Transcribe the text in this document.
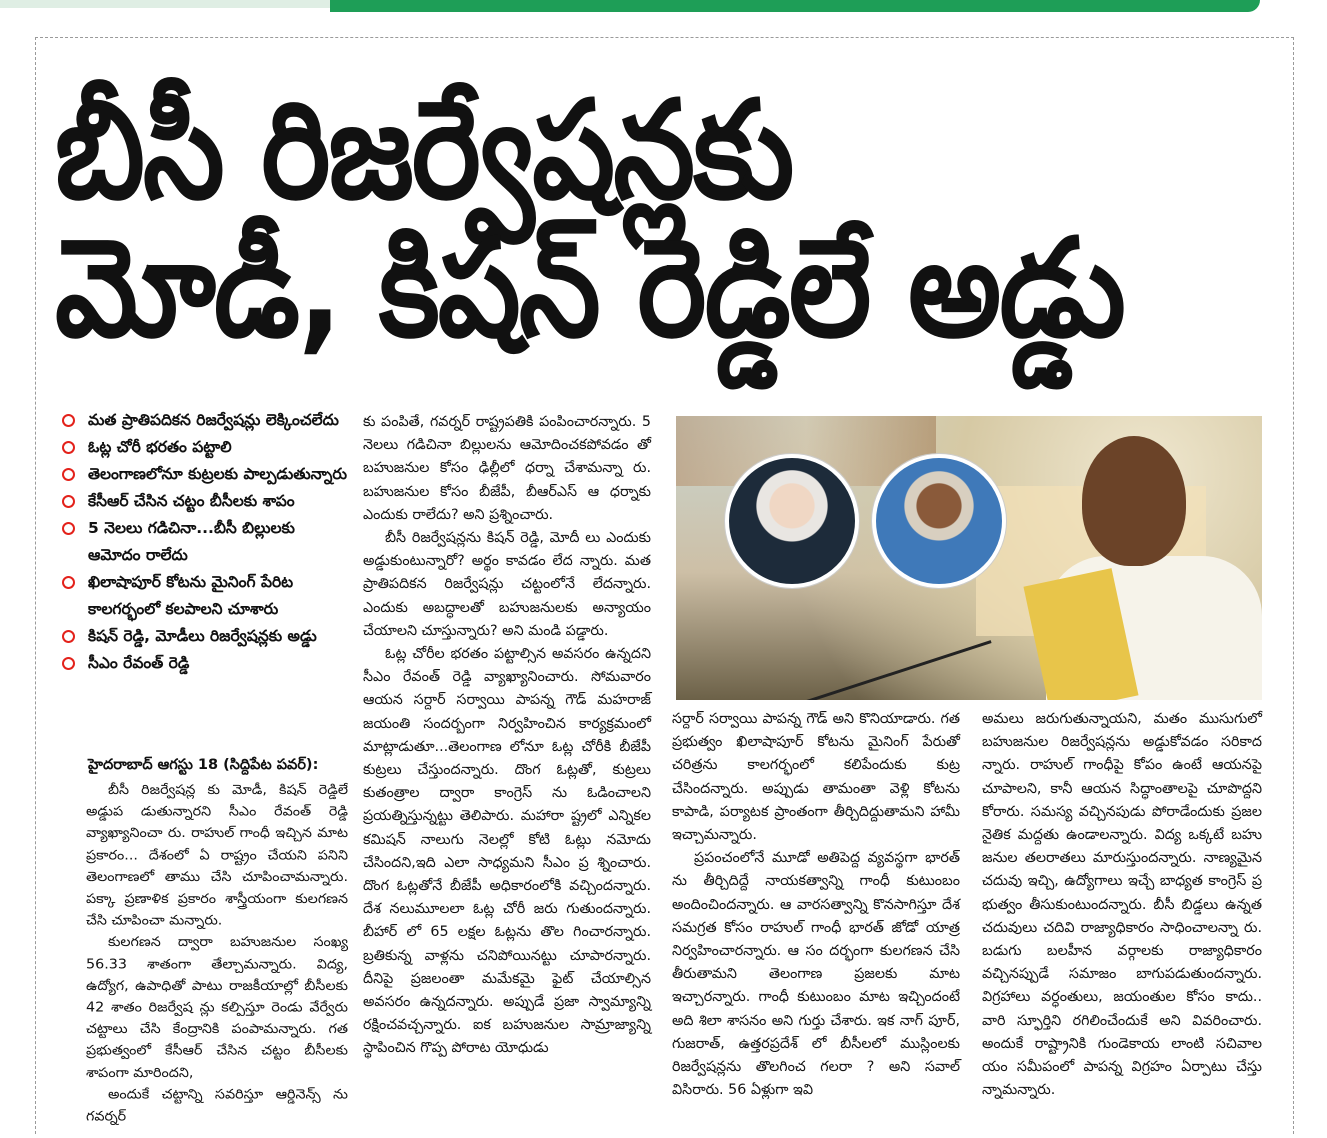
బీసీ రిజర్వేషన్లకు
మోడీ, కిషన్ రెడ్డిలే అడ్డు
మత ప్రాతిపదికన రిజర్వేషన్లు లెక్కించలేదు
ఓట్ల చోరీ భరతం పట్టాలి
తెలంగాణలోనూ కుట్రలకు పాల్పడుతున్నారు
కేసీఆర్ చేసిన చట్టం బీసీలకు శాపం
5 నెలలు గడిచినా...బీసీ బిల్లులకు ఆమోదం రాలేదు
ఖిలాషాపూర్ కోటను మైనింగ్ పేరిట కాలగర్భంలో కలపాలని చూశారు
కిషన్ రెడ్డి, మోడీలు రిజర్వేషన్లకు అడ్డు
సీఎం రేవంత్ రెడ్డి
హైదరాబాద్ ఆగస్టు 18 (సిద్దిపేట పవర్):

బీసీ రిజర్వేషన్ల కు మోడీ, కిషన్ రెడ్డిలే అడ్డుప డుతున్నారని సీఎం రేవంత్ రెడ్డి వ్యాఖ్యానించా రు. రాహుల్ గాంధీ ఇచ్చిన మాట ప్రకారం... దేశంలో ఏ రాష్ట్రం చేయని పనిని తెలంగాణలో తాము చేసి చూపించామన్నారు. పక్కా ప్రణాళిక ప్రకారం శాస్త్రీయంగా కులగణన చేసి చూపించా మన్నారు.

కులగణన ద్వారా బహుజనుల సంఖ్య 56.33 శాతంగా తేల్చామన్నారు. విద్య, ఉద్యోగ, ఉపాధితో పాటు రాజకీయాల్లో బీసీలకు 42 శాతం రిజర్వేష న్లు కల్పిస్తూ రెండు వేర్వేరు చట్టాలు చేసి కేంద్రానికి పంపామన్నారు. గత ప్రభుత్వంలో కేసీఆర్ చేసిన చట్టం బీసీలకు శాపంగా మారిందని,

అందుకే చట్టాన్ని సవరిస్తూ ఆర్డినెన్స్ ను గవర్నర్

కు పంపితే, గవర్నర్ రాష్ట్రపతికి పంపించారన్నారు. 5 నెలలు గడిచినా బిల్లులను ఆమోదించకపోవడం తో బహుజనుల కోసం ఢిల్లీలో ధర్నా చేశామన్నా రు. బహుజనుల కోసం బీజేపీ, బీఆర్ఎస్ ఆ ధర్నాకు ఎందుకు రాలేదు? అని ప్రశ్నించారు.

బీసీ రిజర్వేషన్లను కిషన్ రెడ్డి, మోదీ లు ఎందుకు అడ్డుకుంటున్నారో? అర్థం కావడం లేద న్నారు. మత ప్రాతిపదికన రిజర్వేషన్లు చట్టంలోనే లేదన్నారు. ఎందుకు అబద్ధాలతో బహుజనులకు అన్యాయం చేయాలని చూస్తున్నారు? అని మండి పడ్డారు.

ఓట్ల చోరీల భరతం పట్టాల్సిన అవసరం ఉన్నదని సీఎం రేవంత్ రెడ్డి వ్యాఖ్యానించారు. సోమవారం ఆయన సర్దార్ సర్వాయి పాపన్న గౌడ్ మహరాజ్ జయంతి సందర్బంగా నిర్వహించిన కార్యక్రమంలో మాట్లాడుతూ...తెలంగాణ లోనూ ఓట్ల చోరీకి బీజేపీ కుట్రలు చేస్తుందన్నారు. దొంగ ఓట్లతో, కుట్రలు కుతంత్రాల ద్వారా కాంగ్రెస్ ను ఓడించాలని ప్రయత్నిస్తున్నట్టు తెలిపారు. మహారా ష్ట్రలో ఎన్నికల కమిషన్ నాలుగు నెలల్లో కోటి ఓట్లు నమోదు చేసిందని,ఇది ఎలా సాధ్యమని సీఎం ప్ర శ్నించారు. దొంగ ఓట్లతోనే బీజేపీ అధికారంలోకి వచ్చిందన్నారు. దేశ నలుమూలలా ఓట్ల చోరీ జరు గుతుందన్నారు. బీహార్ లో 65 లక్షల ఓట్లను తొల గించారన్నారు. బ్రతికున్న వాళ్లను చనిపోయినట్టు చూపారన్నారు. దీనిపై ప్రజలంతా మమేకమై ఫైట్ చేయాల్సిన అవసరం ఉన్నదన్నారు. అప్పుడే ప్రజా స్వామ్యాన్ని రక్షించవచ్చన్నారు. ఐక బహుజనుల సామ్రాజ్యాన్ని స్థాపించిన గొప్ప పోరాట యోధుడు

సర్దార్ సర్వాయి పాపన్న గౌడ్ అని కొనియాడారు. గత ప్రభుత్వం ఖిలాషాపూర్ కోటను మైనింగ్ పేరుతో చరిత్రను కాలగర్భంలో కలిపేందుకు కుట్ర చేసిందన్నారు. అప్పుడు తామంతా వెళ్లి కోటను కాపాడి, పర్యాటక ప్రాంతంగా తీర్చిదిద్దుతామని హామీ ఇచ్చామన్నారు.

ప్రపంచంలోనే మూడో అతిపెద్ద వ్యవస్థగా భారత్ ను తీర్చిదిద్దే నాయకత్వాన్ని గాంధీ కుటుంబం అందించిందన్నారు. ఆ వారసత్వాన్ని కొనసాగిస్తూ దేశ సమగ్రత కోసం రాహుల్ గాంధీ భారత్ జోడో యాత్ర నిర్వహించారన్నారు. ఆ సం దర్భంగా కులగణన చేసి తీరుతామని తెలంగాణ ప్రజలకు మాట ఇచ్చారన్నారు. గాంధీ కుటుంబం మాట ఇచ్చిందంటే అది శిలా శాసనం అని గుర్తు చేశారు. ఇక నాగ్ పూర్, గుజరాత్, ఉత్తరప్రదేశ్ లో బీసీలలో ముస్లింలకు రిజర్వేషన్లను తొలగించ గలరా ? అని సవాల్ విసిరారు. 56 ఏళ్లుగా ఇవి

అమలు జరుగుతున్నాయని, మతం ముసుగులో బహుజనుల రిజర్వేషన్లను అడ్డుకోవడం సరికాద న్నారు. రాహుల్ గాంధీపై కోపం ఉంటే ఆయనపై చూపాలని, కానీ ఆయన సిద్ధాంతాలపై చూపొద్దని కోరారు. సమస్య వచ్చినపుడు పోరాడేందుకు ప్రజల నైతిక మద్దతు ఉండాలన్నారు. విద్య ఒక్కటే బహు జనుల తలరాతలు మారుస్తుందన్నారు. నాణ్యమైన చదువు ఇచ్చి, ఉద్యోగాలు ఇచ్చే బాధ్యత కాంగ్రెస్ ప్ర భుత్వం తీసుకుంటుందన్నారు. బీసీ బిడ్డలు ఉన్నత చదువులు చదివి రాజ్యాధికారం సాధించాలన్నా రు. బడుగు బలహీన వర్గాలకు రాజ్యాధికారం వచ్చినప్పుడే సమాజం బాగుపడుతుందన్నారు. విగ్రహాలు వర్ధంతులు, జయంతుల కోసం కాదు.. వారి స్ఫూర్తిని రగిలించేందుకే అని వివరించారు. అందుకే రాష్ట్రానికి గుండెకాయ లాంటి సచివాల యం సమీపంలో పాపన్న విగ్రహం ఏర్పాటు చేస్తు న్నామన్నారు.
